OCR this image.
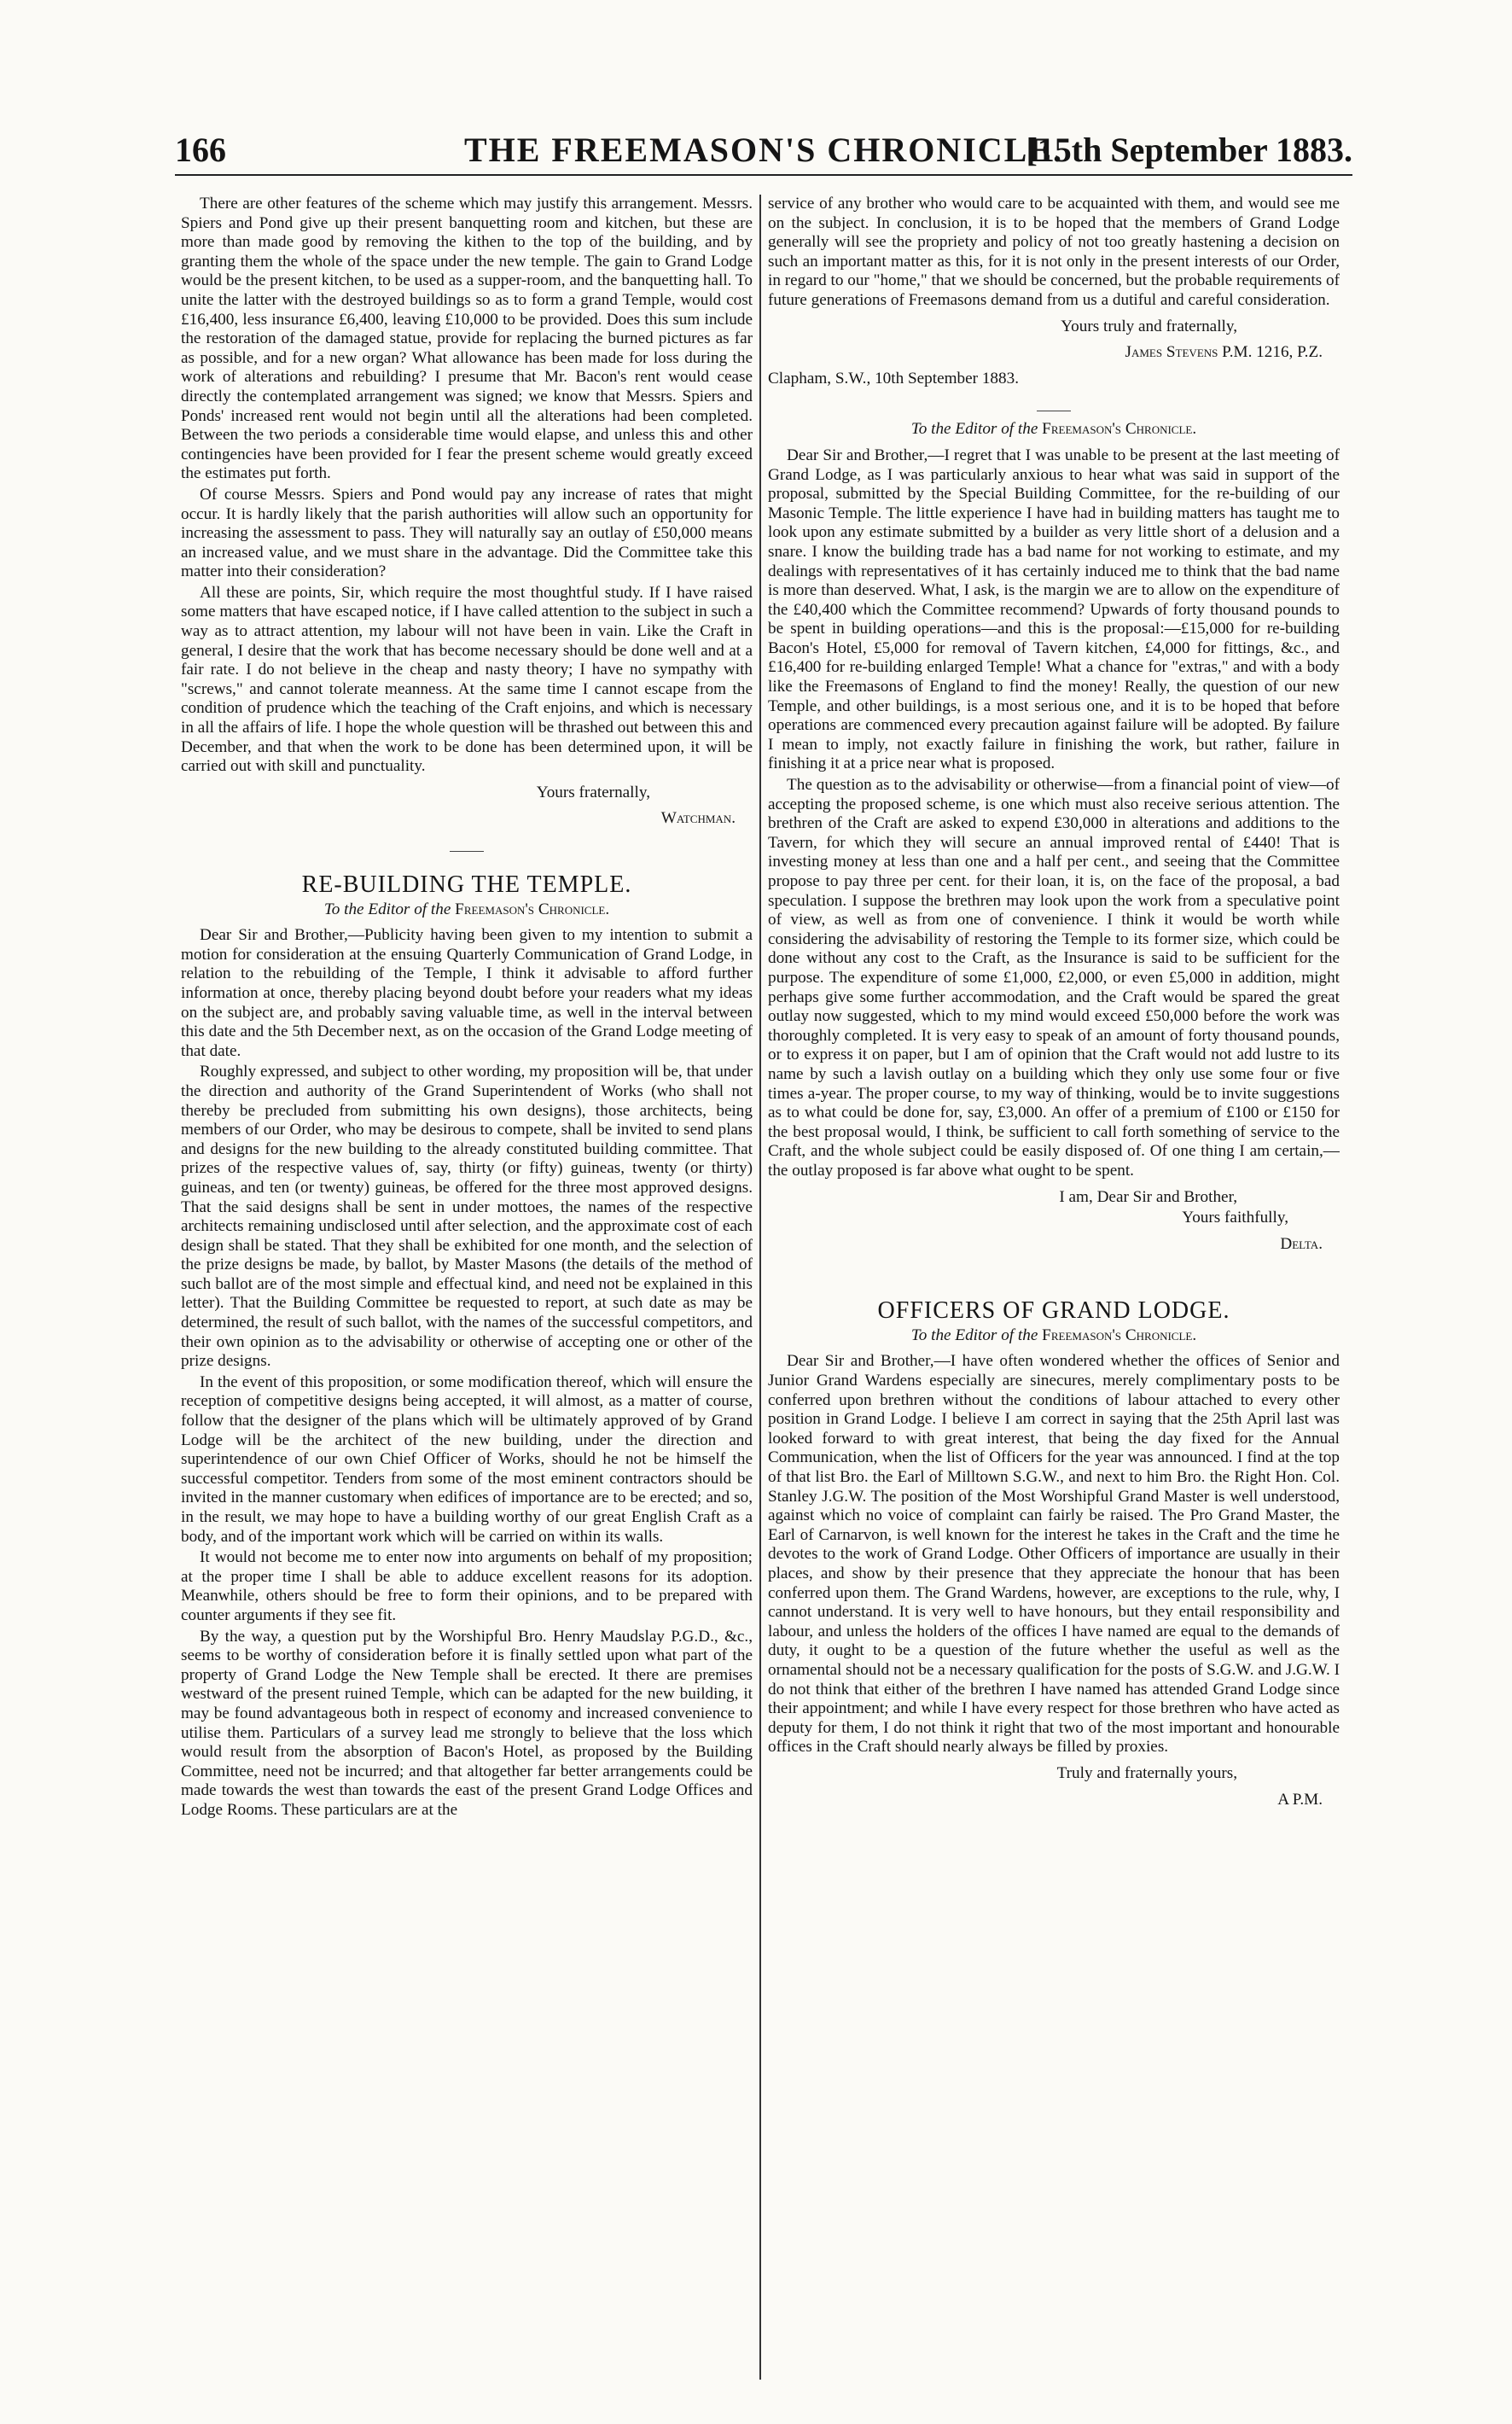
166	THE FREEMASON'S CHRONICLE.
[15th September 1883.

There are other features of the scheme which may justify this arrangement. Messrs. Spiers and Pond give up their present banquetting room and kitchen, but these are more than made good by removing the kithen to the top of the building, and by granting them the whole of the space under the new temple. The gain to Grand Lodge would be the present kitchen, to be used as a supper-room, and the banquetting hall. To unite the latter with the destroyed buildings so as to form a grand Temple, would cost £16,400, less insurance £6,400, leaving £10,000 to be provided. Does this sum include the restoration of the damaged statue, provide for replacing the burned pictures as far as possible, and for a new organ? What allowance has been made for loss during the work of alterations and rebuilding? I presume that Mr. Bacon's rent would cease directly the contemplated arrangement was signed; we know that Messrs. Spiers and Ponds' increased rent would not begin until all the alterations had been completed. Between the two periods a considerable time would elapse, and unless this and other contingencies have been provided for I fear the present scheme would greatly exceed the estimates put forth.

Of course Messrs. Spiers and Pond would pay any increase of rates that might occur. It is hardly likely that the parish authorities will allow such an opportunity for increasing the assessment to pass. They will naturally say an outlay of £50,000 means an increased value, and we must share in the advantage. Did the Committee take this matter into their consideration?

All these are points, Sir, which require the most thoughtful study. If I have raised some matters that have escaped notice, if I have called attention to the subject in such a way as to attract attention, my labour will not have been in vain. Like the Craft in general, I desire that the work that has become necessary should be done well and at a fair rate. I do not believe in the cheap and nasty theory; I have no sympathy with "screws," and cannot tolerate meanness. At the same time I cannot escape from the condition of prudence which the teaching of the Craft enjoins, and which is necessary in all the affairs of life. I hope the whole question will be thrashed out between this and December, and that when the work to be done has been determined upon, it will be carried out with skill and punctuality.

Yours fraternally,

Watchman.

RE-BUILDING THE TEMPLE.

To the Editor of the Freemason's Chronicle.

Dear Sir and Brother,—Publicity having been given to my intention to submit a motion for consideration at the ensuing Quarterly Communication of Grand Lodge, in relation to the rebuilding of the Temple, I think it advisable to afford further information at once, thereby placing beyond doubt before your readers what my ideas on the subject are, and probably saving valuable time, as well in the interval between this date and the 5th December next, as on the occasion of the Grand Lodge meeting of that date.

Roughly expressed, and subject to other wording, my proposition will be, that under the direction and authority of the Grand Superintendent of Works (who shall not thereby be precluded from submitting his own designs), those architects, being members of our Order, who may be desirous to compete, shall be invited to send plans and designs for the new building to the already constituted building committee. That prizes of the respective values of, say, thirty (or fifty) guineas, twenty (or thirty) guineas, and ten (or twenty) guineas, be offered for the three most approved designs. That the said designs shall be sent in under mottoes, the names of the respective architects remaining undisclosed until after selection, and the approximate cost of each design shall be stated. That they shall be exhibited for one month, and the selection of the prize designs be made, by ballot, by Master Masons (the details of the method of such ballot are of the most simple and effectual kind, and need not be explained in this letter). That the Building Committee be requested to report, at such date as may be determined, the result of such ballot, with the names of the successful competitors, and their own opinion as to the advisability or otherwise of accepting one or other of the prize designs.

In the event of this proposition, or some modification thereof, which will ensure the reception of competitive designs being accepted, it will almost, as a matter of course, follow that the designer of the plans which will be ultimately approved of by Grand Lodge will be the architect of the new building, under the direction and superintendence of our own Chief Officer of Works, should he not be himself the successful competitor. Tenders from some of the most eminent contractors should be invited in the manner customary when edifices of importance are to be erected; and so, in the result, we may hope to have a building worthy of our great English Craft as a body, and of the important work which will be carried on within its walls.

It would not become me to enter now into arguments on behalf of my proposition; at the proper time I shall be able to adduce excellent reasons for its adoption. Meanwhile, others should be free to form their opinions, and to be prepared with counter arguments if they see fit.

By the way, a question put by the Worshipful Bro. Henry Maudslay P.G.D., &c., seems to be worthy of consideration before it is finally settled upon what part of the property of Grand Lodge the New Temple shall be erected. It there are premises westward of the present ruined Temple, which can be adapted for the new building, it may be found advantageous both in respect of economy and increased convenience to utilise them. Particulars of a survey lead me strongly to believe that the loss which would result from the absorption of Bacon's Hotel, as proposed by the Building Committee, need not be incurred; and that altogether far better arrangements could be made towards the west than towards the east of the present Grand Lodge Offices and Lodge Rooms. These particulars are at the

service of any brother who would care to be acquainted with them, and would see me on the subject. In conclusion, it is to be hoped that the members of Grand Lodge generally will see the propriety and policy of not too greatly hastening a decision on such an important matter as this, for it is not only in the present interests of our Order, in regard to our "home," that we should be concerned, but the probable requirements of future generations of Freemasons demand from us a dutiful and careful consideration.

Yours truly and fraternally,

James Stevens P.M. 1216, P.Z.

Clapham, S.W., 10th September 1883.

To the Editor of the Freemason's Chronicle.

Dear Sir and Brother,—I regret that I was unable to be present at the last meeting of Grand Lodge, as I was particularly anxious to hear what was said in support of the proposal, submitted by the Special Building Committee, for the re-building of our Masonic Temple. The little experience I have had in building matters has taught me to look upon any estimate submitted by a builder as very little short of a delusion and a snare. I know the building trade has a bad name for not working to estimate, and my dealings with representatives of it has certainly induced me to think that the bad name is more than deserved. What, I ask, is the margin we are to allow on the expenditure of the £40,400 which the Committee recommend? Upwards of forty thousand pounds to be spent in building operations—and this is the proposal:—£15,000 for re-building Bacon's Hotel, £5,000 for removal of Tavern kitchen, £4,000 for fittings, &c., and £16,400 for re-building enlarged Temple! What a chance for "extras," and with a body like the Freemasons of England to find the money! Really, the question of our new Temple, and other buildings, is a most serious one, and it is to be hoped that before operations are commenced every precaution against failure will be adopted. By failure I mean to imply, not exactly failure in finishing the work, but rather, failure in finishing it at a price near what is proposed.

The question as to the advisability or otherwise—from a financial point of view—of accepting the proposed scheme, is one which must also receive serious attention. The brethren of the Craft are asked to expend £30,000 in alterations and additions to the Tavern, for which they will secure an annual improved rental of £440! That is investing money at less than one and a half per cent., and seeing that the Committee propose to pay three per cent. for their loan, it is, on the face of the proposal, a bad speculation. I suppose the brethren may look upon the work from a speculative point of view, as well as from one of convenience. I think it would be worth while considering the advisability of restoring the Temple to its former size, which could be done without any cost to the Craft, as the Insurance is said to be sufficient for the purpose. The expenditure of some £1,000, £2,000, or even £5,000 in addition, might perhaps give some further accommodation, and the Craft would be spared the great outlay now suggested, which to my mind would exceed £50,000 before the work was thoroughly completed. It is very easy to speak of an amount of forty thousand pounds, or to express it on paper, but I am of opinion that the Craft would not add lustre to its name by such a lavish outlay on a building which they only use some four or five times a-year. The proper course, to my way of thinking, would be to invite suggestions as to what could be done for, say, £3,000. An offer of a premium of £100 or £150 for the best proposal would, I think, be sufficient to call forth something of service to the Craft, and the whole subject could be easily disposed of. Of one thing I am certain,—the outlay proposed is far above what ought to be spent.

I am, Dear Sir and Brother,

Yours faithfully,

Delta.

OFFICERS OF GRAND LODGE.

To the Editor of the Freemason's Chronicle.

Dear Sir and Brother,—I have often wondered whether the offices of Senior and Junior Grand Wardens especially are sinecures, merely complimentary posts to be conferred upon brethren without the conditions of labour attached to every other position in Grand Lodge. I believe I am correct in saying that the 25th April last was looked forward to with great interest, that being the day fixed for the Annual Communication, when the list of Officers for the year was announced. I find at the top of that list Bro. the Earl of Milltown S.G.W., and next to him Bro. the Right Hon. Col. Stanley J.G.W. The position of the Most Worshipful Grand Master is well understood, against which no voice of complaint can fairly be raised. The Pro Grand Master, the Earl of Carnarvon, is well known for the interest he takes in the Craft and the time he devotes to the work of Grand Lodge. Other Officers of importance are usually in their places, and show by their presence that they appreciate the honour that has been conferred upon them. The Grand Wardens, however, are exceptions to the rule, why, I cannot understand. It is very well to have honours, but they entail responsibility and labour, and unless the holders of the offices I have named are equal to the demands of duty, it ought to be a question of the future whether the useful as well as the ornamental should not be a necessary qualification for the posts of S.G.W. and J.G.W. I do not think that either of the brethren I have named has attended Grand Lodge since their appointment; and while I have every respect for those brethren who have acted as deputy for them, I do not think it right that two of the most important and honourable offices in the Craft should nearly always be filled by proxies.

Truly and fraternally yours,

A P.M.
